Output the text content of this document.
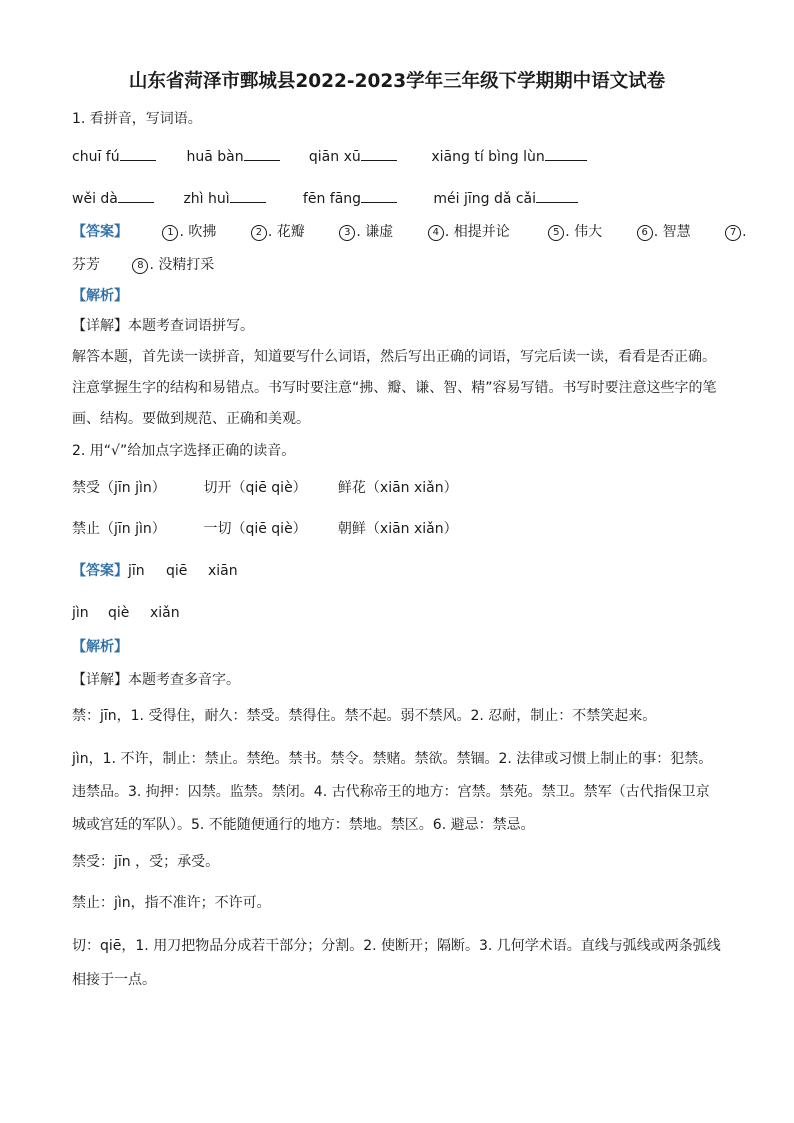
山东省菏泽市鄄城县2022-2023学年三年级下学期期中语文试卷
1. 看拼音，写词语。
chuī fú	huā bàn	qiān xū	xiāng tí bìng lùn
wěi dà	zhì huì	fēn fāng	méi jīng dǎ cǎi
【答案】	1 . 吹拂	2 . 花瓣	3 . 谦虚	4 . 相提并论	5 . 伟大	6 . 智慧	7 .
芬芳	8 . 没精打采
【解析】
【详解】本题考查词语拼写。
解答本题，首先读一读拼音，知道要写什么词语，然后写出正确的词语，写完后读一读，看看是否正确。注意掌握生字的结构和易错点。书写时要注意“拂、瓣、谦、智、精”容易写错。书写时要注意这些字的笔画、结构。要做到规范、正确和美观。
2. 用“√”给加点字选择正确的读音。
禁受（jīn jìn）	切开（qiē qiè） 鲜花（xiān xiǎn）
禁止（jīn jìn）	一切（qiē qiè） 朝鲜（xiān xiǎn）
【答案】jīn qiē xiān
jìn qiè xiǎn
【解析】
【详解】本题考查多音字。
禁：jīn，1. 受得住，耐久：禁受。禁得住。禁不起。弱不禁风。2. 忍耐，制止：不禁笑起来。
jìn，1. 不许，制止：禁止。禁绝。禁书。禁令。禁赌。禁欲。禁锢。2. 法律或习惯上制止的事：犯禁。违禁品。3. 拘押：囚禁。监禁。禁闭。4. 古代称帝王的地方：宫禁。禁苑。禁卫。禁军（古代指保卫京城或宫廷的军队）。5. 不能随便通行的地方：禁地。禁区。6. 避忌：禁忌。
禁受：jīn ，受；承受。
禁止：jìn，指不准许；不许可。
切：qiē，1. 用刀把物品分成若干部分；分割。2. 使断开；隔断。3. 几何学术语。直线与弧线或两条弧线相接于一点。
